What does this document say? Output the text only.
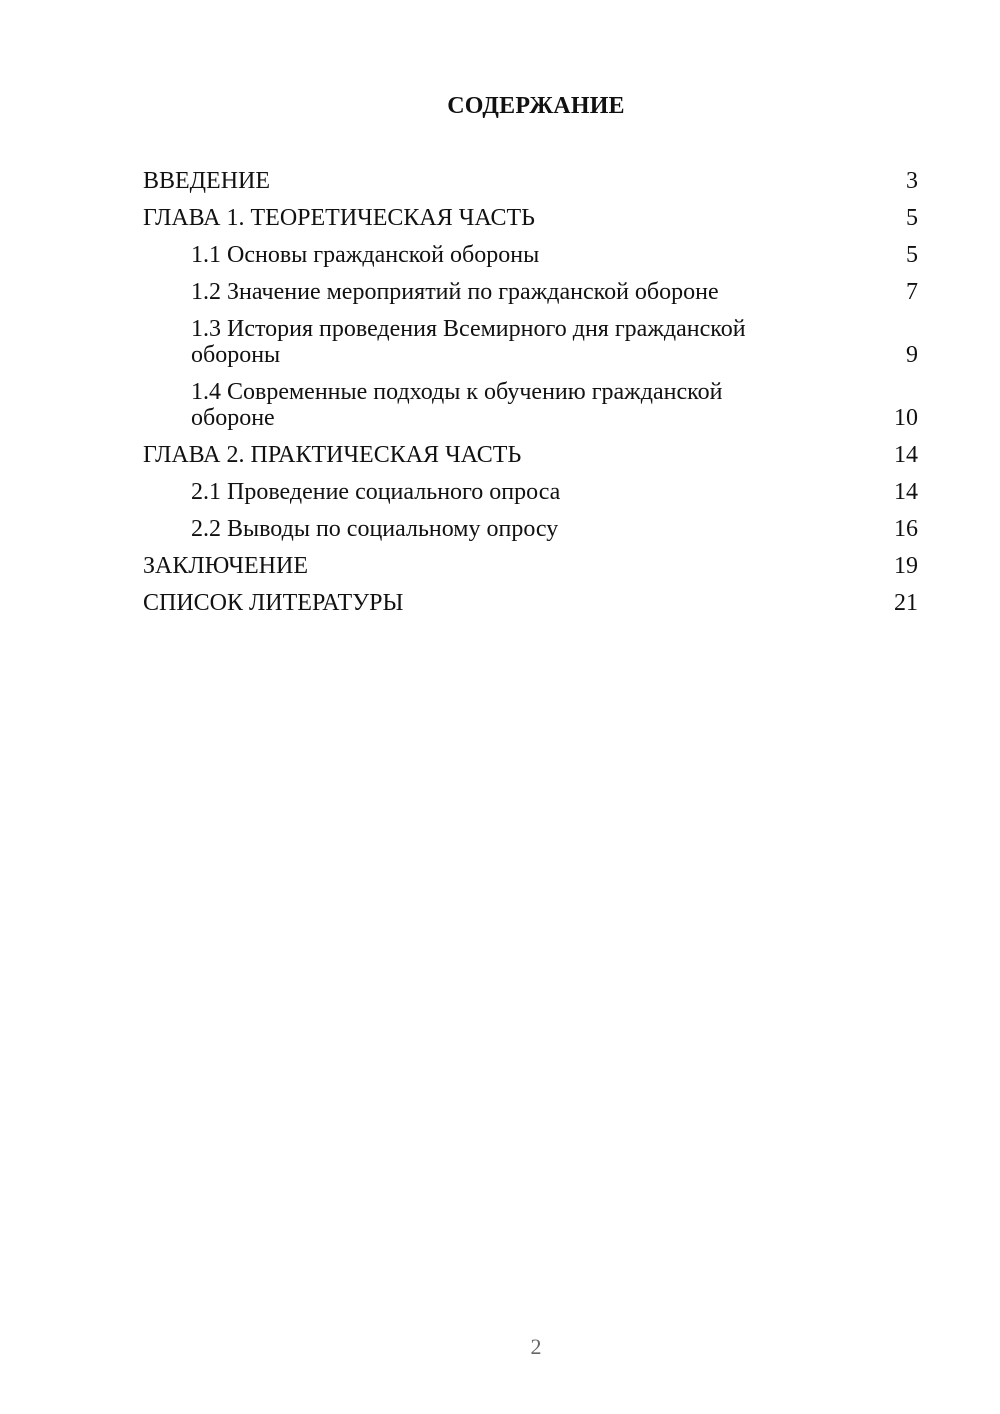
СОДЕРЖАНИЕ
ВВЕДЕНИЕ	3
ГЛАВА 1. ТЕОРЕТИЧЕСКАЯ ЧАСТЬ	5
1.1 Основы гражданской обороны	5
1.2 Значение мероприятий по гражданской обороне	7
1.3 История проведения Всемирного дня гражданской обороны	9
1.4 Современные подходы к обучению гражданской обороне	10
ГЛАВА 2. ПРАКТИЧЕСКАЯ ЧАСТЬ	14
2.1 Проведение социального опроса	14
2.2 Выводы по социальному опросу	16
ЗАКЛЮЧЕНИЕ	19
СПИСОК ЛИТЕРАТУРЫ	21
2
